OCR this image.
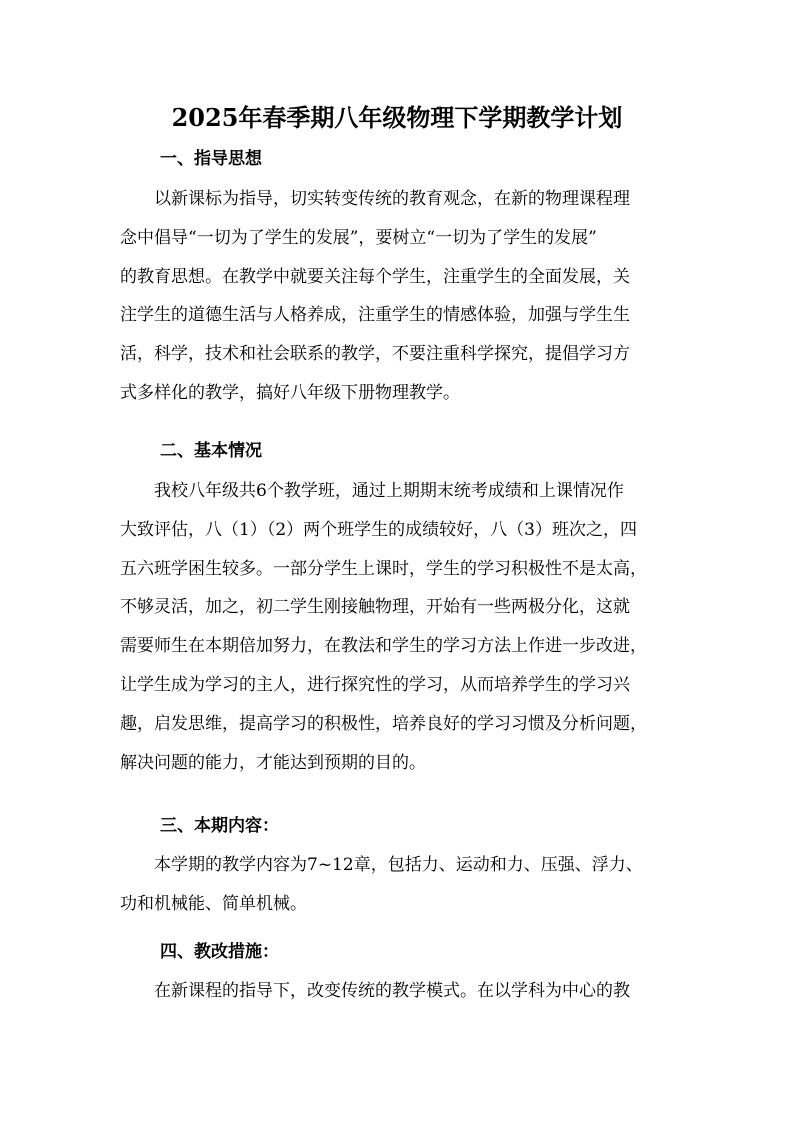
2025年春季期八年级物理下学期教学计划
一、指导思想
以新课标为指导，切实转变传统的教育观念，在新的物理课程理
念中倡导“一切为了学生的发展”，要树立“一切为了学生的发展”
的教育思想。在教学中就要关注每个学生，注重学生的全面发展，关
注学生的道德生活与人格养成，注重学生的情感体验，加强与学生生
活，科学，技术和社会联系的教学，不要注重科学探究，提倡学习方
式多样化的教学，搞好八年级下册物理教学。
二、基本情况
我校八年级共6个教学班，通过上期期末统考成绩和上课情况作
大致评估，八（1）（2）两个班学生的成绩较好，八（3）班次之，四
五六班学困生较多。一部分学生上课时，学生的学习积极性不是太高，
不够灵活，加之，初二学生刚接触物理，开始有一些两极分化，这就
需要师生在本期倍加努力，在教法和学生的学习方法上作进一步改进，
让学生成为学习的主人，进行探究性的学习，从而培养学生的学习兴
趣，启发思维，提高学习的积极性，培养良好的学习习惯及分析问题，
解决问题的能力，才能达到预期的目的。
三、本期内容：
本学期的教学内容为7~12章，包括力、运动和力、压强、浮力、
功和机械能、简单机械。
四、教改措施：
在新课程的指导下，改变传统的教学模式。在以学科为中心的教
